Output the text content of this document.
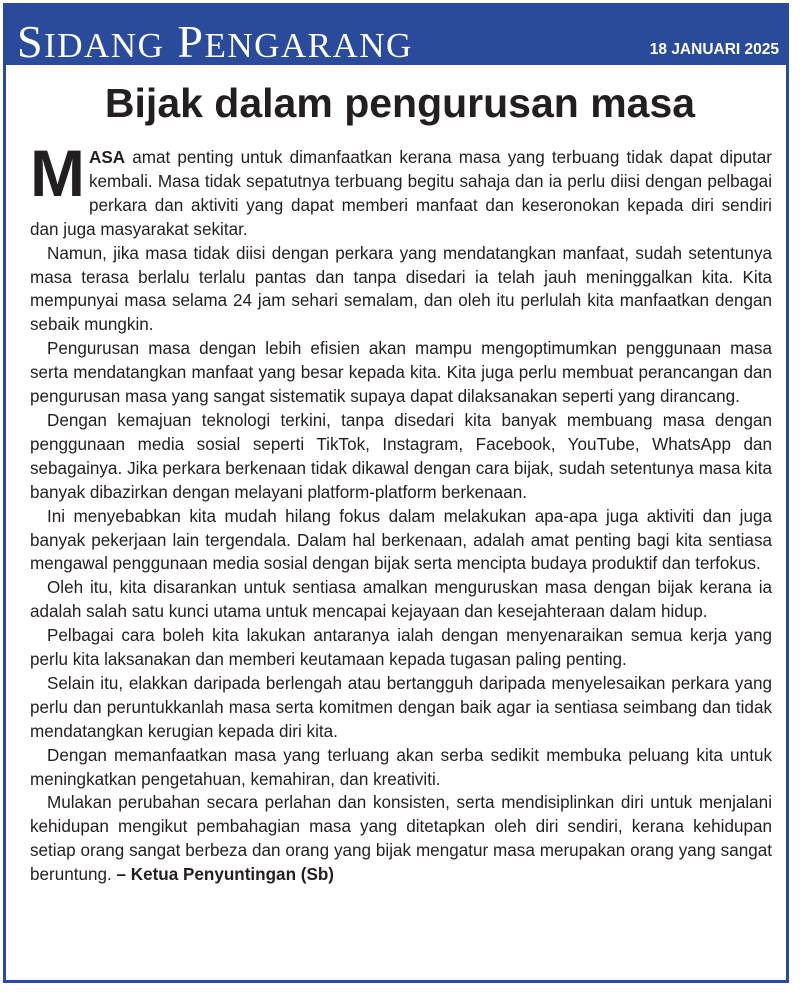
SIDANG PENGARANG	18 JANUARI 2025
Bijak dalam pengurusan masa

MASA amat penting untuk dimanfaatkan kerana masa yang terbuang tidak dapat diputar kembali. Masa tidak sepatutnya terbuang begitu sahaja dan ia perlu diisi dengan pelbagai perkara dan aktiviti yang dapat memberi manfaat dan keseronokan kepada diri sendiri dan juga masyarakat sekitar.

Namun, jika masa tidak diisi dengan perkara yang mendatangkan manfaat, sudah setentunya masa terasa berlalu terlalu pantas dan tanpa disedari ia telah jauh meninggalkan kita. Kita mempunyai masa selama 24 jam sehari semalam, dan oleh itu perlulah kita manfaatkan dengan sebaik mungkin.

Pengurusan masa dengan lebih efisien akan mampu mengoptimumkan penggunaan masa serta mendatangkan manfaat yang besar kepada kita. Kita juga perlu membuat perancangan dan pengurusan masa yang sangat sistematik supaya dapat dilaksanakan seperti yang dirancang.

Dengan kemajuan teknologi terkini, tanpa disedari kita banyak membuang masa dengan penggunaan media sosial seperti TikTok, Instagram, Facebook, YouTube, WhatsApp dan sebagainya. Jika perkara berkenaan tidak dikawal dengan cara bijak, sudah setentunya masa kita banyak dibazirkan dengan melayani platform-platform berkenaan.

Ini menyebabkan kita mudah hilang fokus dalam melakukan apa-apa juga aktiviti dan juga banyak pekerjaan lain tergendala. Dalam hal berkenaan, adalah amat penting bagi kita sentiasa mengawal penggunaan media sosial dengan bijak serta mencipta budaya produktif dan terfokus.

Oleh itu, kita disarankan untuk sentiasa amalkan menguruskan masa dengan bijak kerana ia adalah salah satu kunci utama untuk mencapai kejayaan dan kesejahteraan dalam hidup.

Pelbagai cara boleh kita lakukan antaranya ialah dengan menyenaraikan semua kerja yang perlu kita laksanakan dan memberi keutamaan kepada tugasan paling penting.

Selain itu, elakkan daripada berlengah atau bertangguh daripada menyelesaikan perkara yang perlu dan peruntukkanlah masa serta komitmen dengan baik agar ia sentiasa seimbang dan tidak mendatangkan kerugian kepada diri kita.

Dengan memanfaatkan masa yang terluang akan serba sedikit membuka peluang kita untuk meningkatkan pengetahuan, kemahiran, dan kreativiti.

Mulakan perubahan secara perlahan dan konsisten, serta mendisiplinkan diri untuk menjalani kehidupan mengikut pembahagian masa yang ditetapkan oleh diri sendiri, kerana kehidupan setiap orang sangat berbeza dan orang yang bijak mengatur masa merupakan orang yang sangat beruntung. – Ketua Penyuntingan (Sb)
